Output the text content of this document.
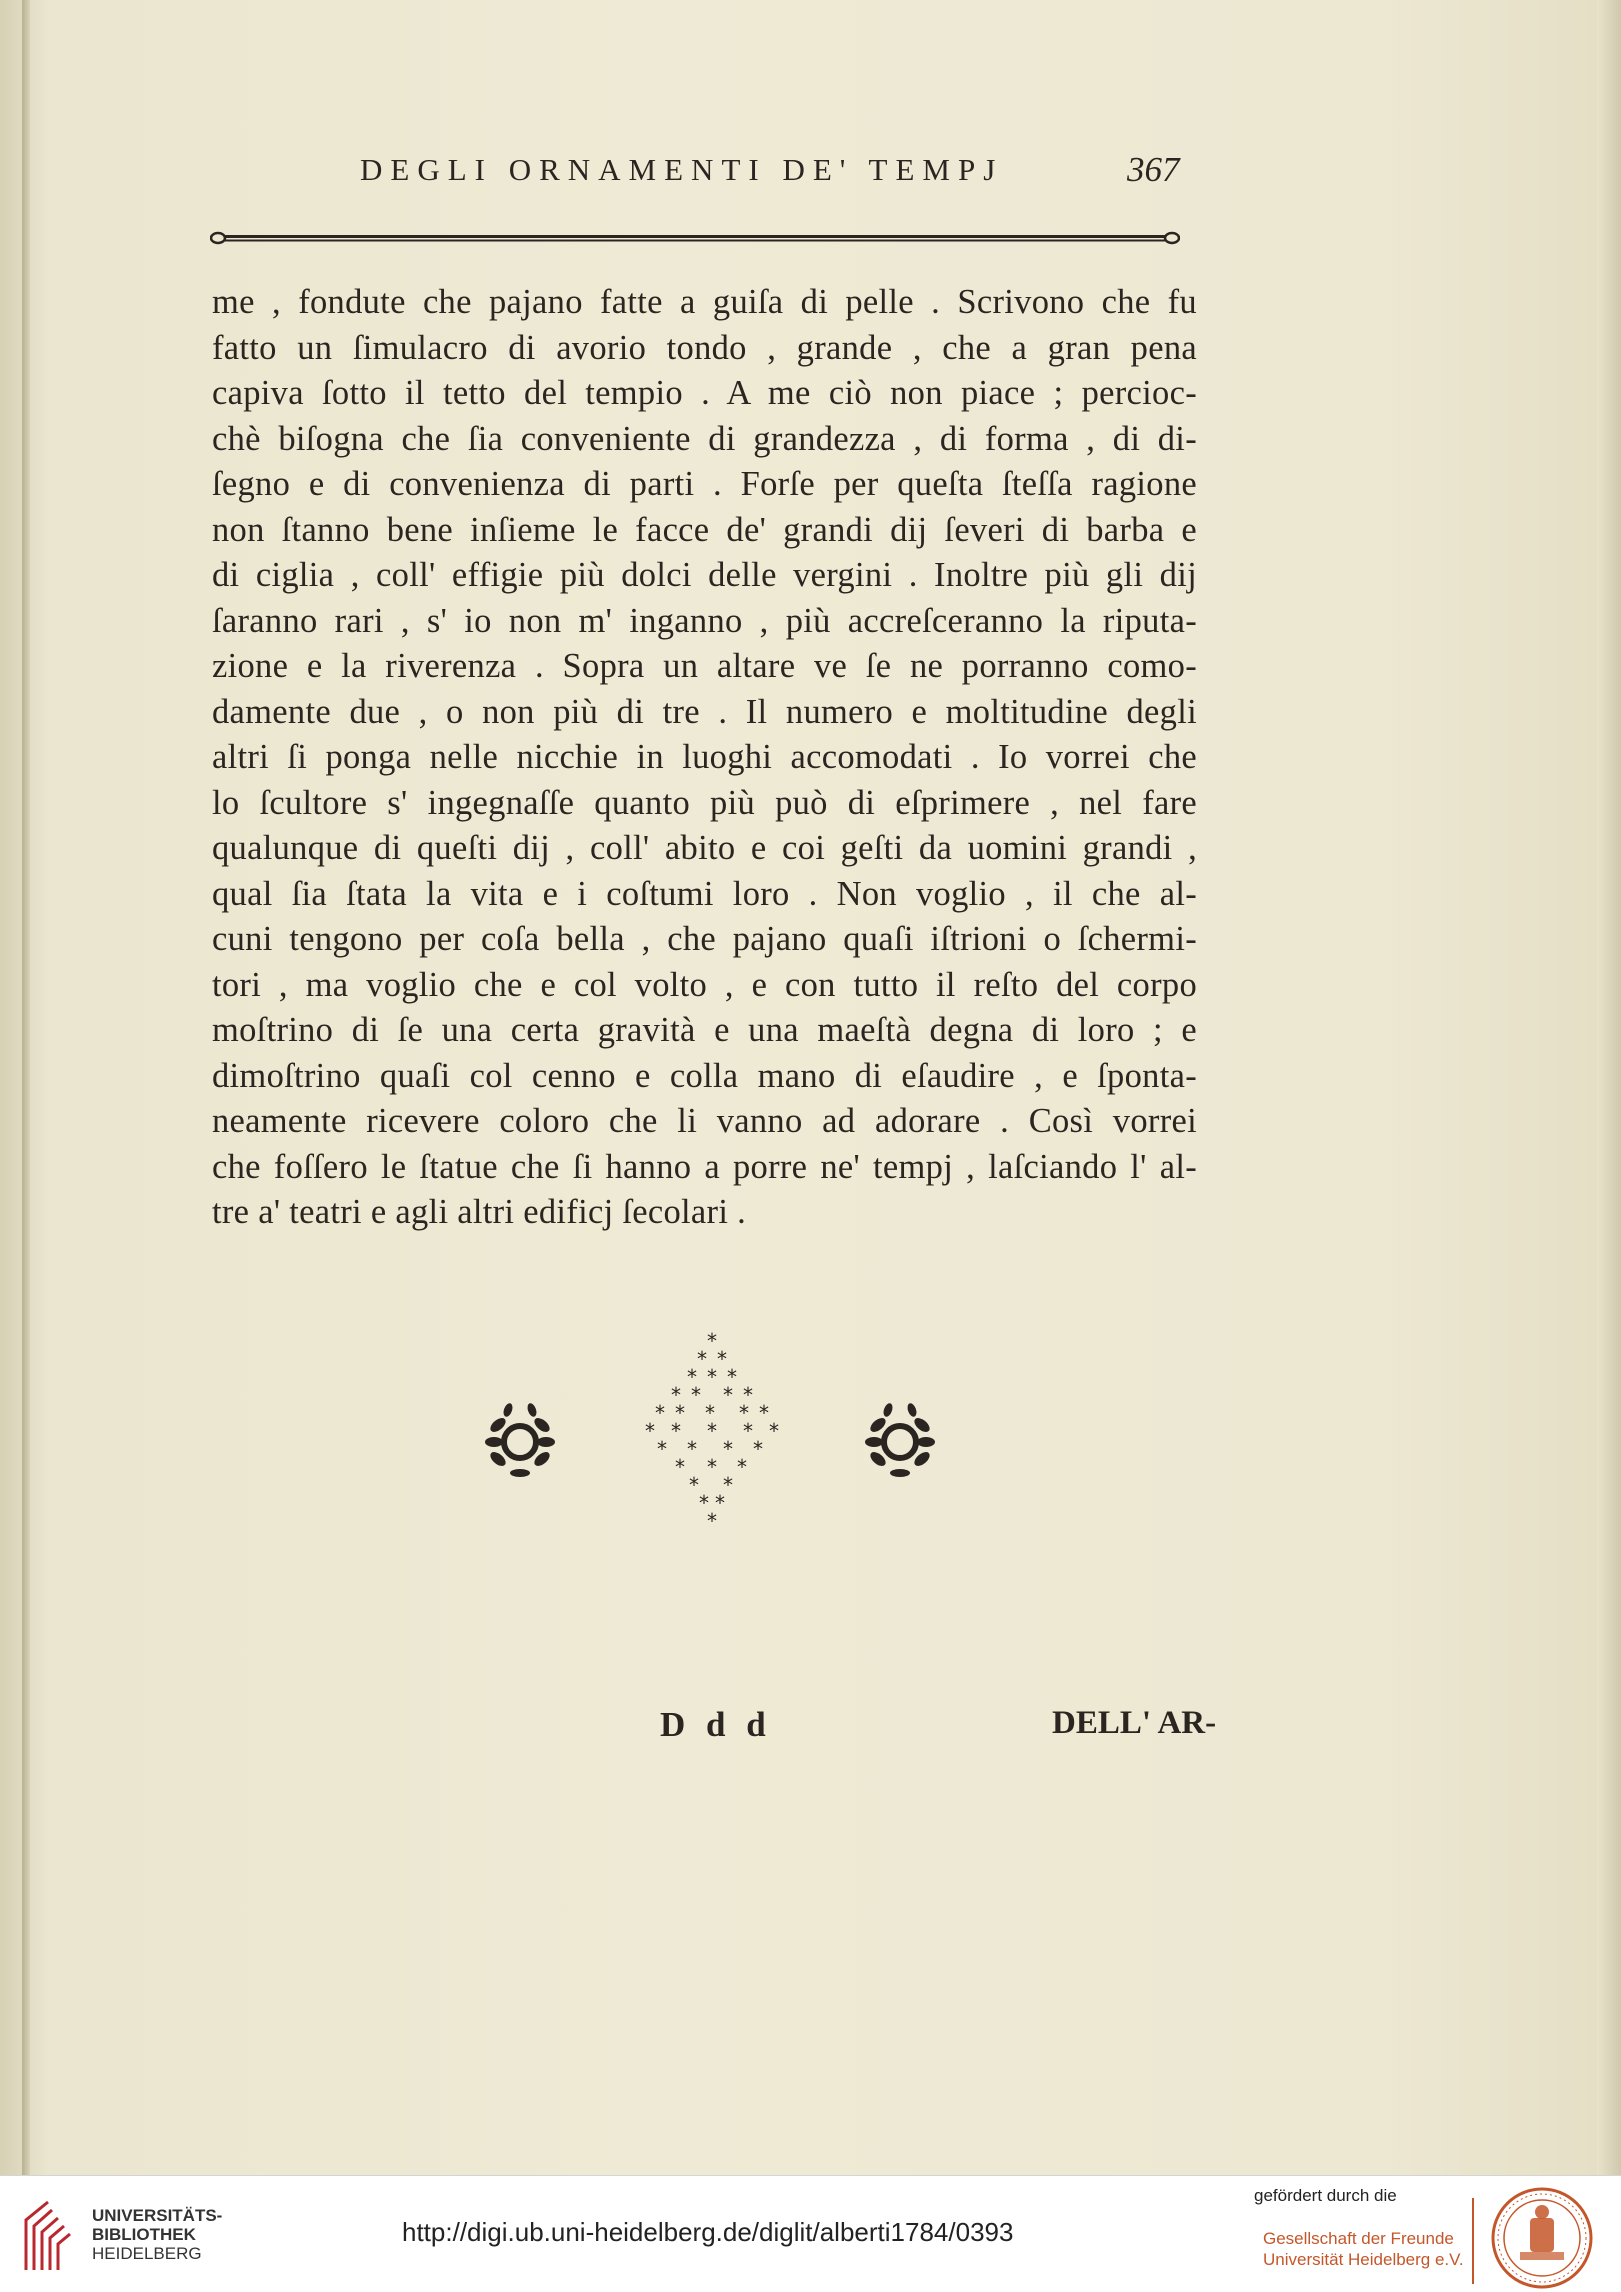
DEGLI ORNAMENTI DE' TEMPJ	367
me , fondute che pajano fatte a guiſa di pelle . Scrivono che fu
fatto un ſimulacro di avorio tondo , grande , che a gran pena
capiva ſotto il tetto del tempio . A me ciò non piace ; percioc-
chè biſogna che ſia conveniente di grandezza , di forma , di di-
ſegno e di convenienza di parti . Forſe per queſta ſteſſa ragione
non ſtanno bene inſieme le facce de' grandi dij ſeveri di barba e
di ciglia , coll' effigie più dolci delle vergini . Inoltre più gli dij
ſaranno rari , s' io non m' inganno , più accreſceranno la riputa-
zione e la riverenza . Sopra un altare ve ſe ne porranno como-
damente due , o non più di tre . Il numero e moltitudine degli
altri ſi ponga nelle nicchie in luoghi accomodati . Io vorrei che
lo ſcultore s' ingegnaſſe quanto più può di eſprimere , nel fare
qualunque di queſti dij , coll' abito e coi geſti da uomini grandi ,
qual ſia ſtata la vita e i coſtumi loro . Non voglio , il che al-
cuni tengono per coſa bella , che pajano quaſi iſtrioni o ſchermi-
tori , ma voglio che e col volto , e con tutto il reſto del corpo
moſtrino di ſe una certa gravità e una maeſtà degna di loro ; e
dimoſtrino quaſi col cenno e colla mano di eſaudire , e ſponta-
neamente ricevere coloro che li vanno ad adorare . Così vorrei
che foſſero le ſtatue che ſi hanno a porre ne' tempj , laſciando l' al-
tre a' teatri e agli altri edificj ſecolari .
*
* *
* * *
* * * *
* * * * *
* * * * *
* * * *
* * *
* *
* *
*
D d d	DELL' AR-
UNIVERSITÄTS-
BIBLIOTHEK
HEIDELBERG
http://digi.ub.uni-heidelberg.de/diglit/alberti1784/0393
gefördert durch die
Gesellschaft der Freunde
Universität Heidelberg e.V.
